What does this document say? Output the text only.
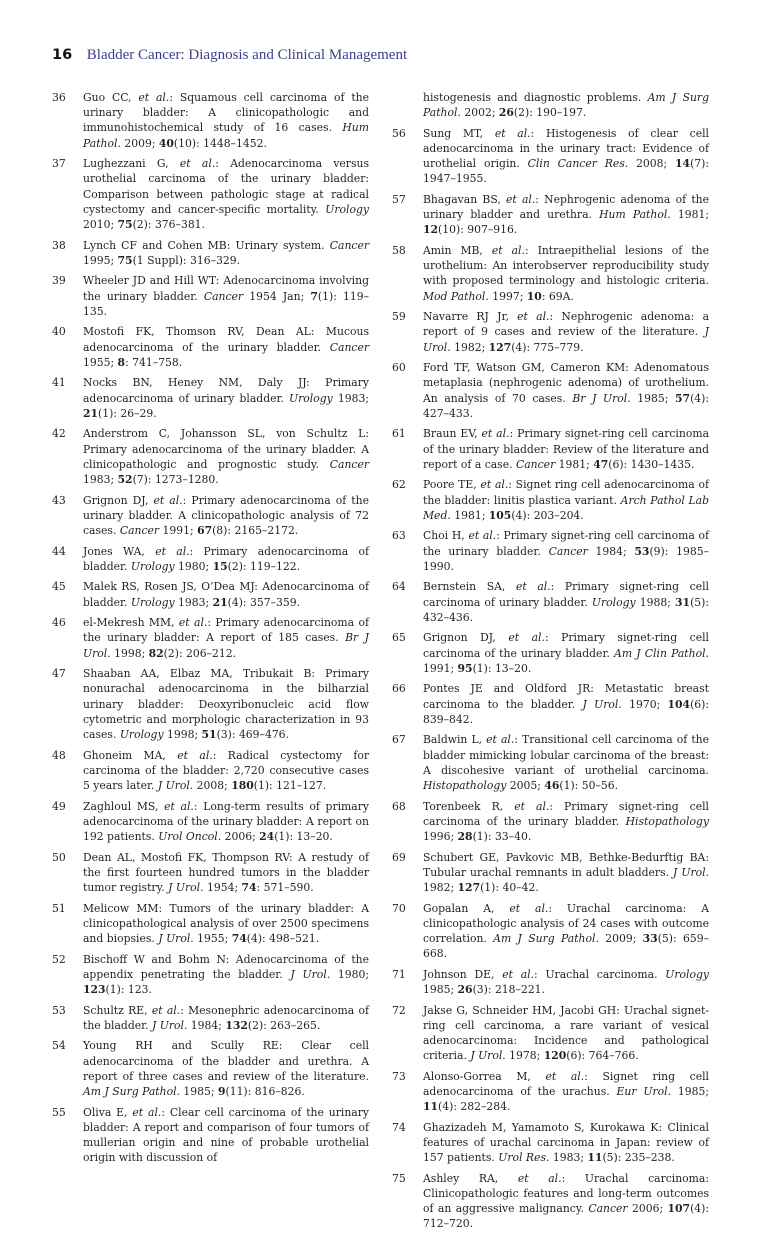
16 Bladder Cancer: Diagnosis and Clinical Management
36 Guo CC, et al.: Squamous cell carcinoma of the urinary bladder: A clinicopathologic and immunohistochemical study of 16 cases. Hum Pathol. 2009; 40(10): 1448–1452.
37 Lughezzani G, et al.: Adenocarcinoma versus urothelial carcinoma of the urinary bladder: Comparison between pathologic stage at radical cystectomy and cancer-specific mortality. Urology 2010; 75(2): 376–381.
38 Lynch CF and Cohen MB: Urinary system. Cancer 1995; 75(1 Suppl): 316–329.
39 Wheeler JD and Hill WT: Adenocarcinoma involving the urinary bladder. Cancer 1954 Jan; 7(1): 119–135.
40 Mostofi FK, Thomson RV, Dean AL: Mucous adenocarcinoma of the urinary bladder. Cancer 1955; 8: 741–758.
41 Nocks BN, Heney NM, Daly JJ: Primary adenocarcinoma of urinary bladder. Urology 1983; 21(1): 26–29.
42 Anderstrom C, Johansson SL, von Schultz L: Primary adenocarcinoma of the urinary bladder. A clinicopathologic and prognostic study. Cancer 1983; 52(7): 1273–1280.
43 Grignon DJ, et al.: Primary adenocarcinoma of the urinary bladder. A clinicopathologic analysis of 72 cases. Cancer 1991; 67(8): 2165–2172.
44 Jones WA, et al.: Primary adenocarcinoma of bladder. Urology 1980; 15(2): 119–122.
45 Malek RS, Rosen JS, O’Dea MJ: Adenocarcinoma of bladder. Urology 1983; 21(4): 357–359.
46 el-Mekresh MM, et al.: Primary adenocarcinoma of the urinary bladder: A report of 185 cases. Br J Urol. 1998; 82(2): 206–212.
47 Shaaban AA, Elbaz MA, Tribukait B: Primary nonurachal adenocarcinoma in the bilharzial urinary bladder: Deoxyribonucleic acid flow cytometric and morphologic characterization in 93 cases. Urology 1998; 51(3): 469–476.
48 Ghoneim MA, et al.: Radical cystectomy for carcinoma of the bladder: 2,720 consecutive cases 5 years later. J Urol. 2008; 180(1): 121–127.
49 Zaghloul MS, et al.: Long-term results of primary adenocarcinoma of the urinary bladder: A report on 192 patients. Urol Oncol. 2006; 24(1): 13–20.
50 Dean AL, Mostofi FK, Thompson RV: A restudy of the first fourteen hundred tumors in the bladder tumor registry. J Urol. 1954; 74: 571–590.
51 Melicow MM: Tumors of the urinary bladder: A clinicopathological analysis of over 2500 specimens and biopsies. J Urol. 1955; 74(4): 498–521.
52 Bischoff W and Bohm N: Adenocarcinoma of the appendix penetrating the bladder. J Urol. 1980; 123(1): 123.
53 Schultz RE, et al.: Mesonephric adenocarcinoma of the bladder. J Urol. 1984; 132(2): 263–265.
54 Young RH and Scully RE: Clear cell adenocarcinoma of the bladder and urethra. A report of three cases and review of the literature. Am J Surg Pathol. 1985; 9(11): 816–826.
55 Oliva E, et al.: Clear cell carcinoma of the urinary bladder: A report and comparison of four tumors of mullerian origin and nine of probable urothelial origin with discussion of
histogenesis and diagnostic problems. Am J Surg Pathol. 2002; 26(2): 190–197.
56 Sung MT, et al.: Histogenesis of clear cell adenocarcinoma in the urinary tract: Evidence of urothelial origin. Clin Cancer Res. 2008; 14(7): 1947–1955.
57 Bhagavan BS, et al.: Nephrogenic adenoma of the urinary bladder and urethra. Hum Pathol. 1981; 12(10): 907–916.
58 Amin MB, et al.: Intraepithelial lesions of the urothelium: An interobserver reproducibility study with proposed terminology and histologic criteria. Mod Pathol. 1997; 10: 69A.
59 Navarre RJ Jr, et al.: Nephrogenic adenoma: a report of 9 cases and review of the literature. J Urol. 1982; 127(4): 775–779.
60 Ford TF, Watson GM, Cameron KM: Adenomatous metaplasia (nephrogenic adenoma) of urothelium. An analysis of 70 cases. Br J Urol. 1985; 57(4): 427–433.
61 Braun EV, et al.: Primary signet-ring cell carcinoma of the urinary bladder: Review of the literature and report of a case. Cancer 1981; 47(6): 1430–1435.
62 Poore TE, et al.: Signet ring cell adenocarcinoma of the bladder: linitis plastica variant. Arch Pathol Lab Med. 1981; 105(4): 203–204.
63 Choi H, et al.: Primary signet-ring cell carcinoma of the urinary bladder. Cancer 1984; 53(9): 1985–1990.
64 Bernstein SA, et al.: Primary signet-ring cell carcinoma of urinary bladder. Urology 1988; 31(5): 432–436.
65 Grignon DJ, et al.: Primary signet-ring cell carcinoma of the urinary bladder. Am J Clin Pathol. 1991; 95(1): 13–20.
66 Pontes JE and Oldford JR: Metastatic breast carcinoma to the bladder. J Urol. 1970; 104(6): 839–842.
67 Baldwin L, et al.: Transitional cell carcinoma of the bladder mimicking lobular carcinoma of the breast: A discohesive variant of urothelial carcinoma. Histopathology 2005; 46(1): 50–56.
68 Torenbeek R, et al.: Primary signet-ring cell carcinoma of the urinary bladder. Histopathology 1996; 28(1): 33–40.
69 Schubert GE, Pavkovic MB, Bethke-Bedurftig BA: Tubular urachal remnants in adult bladders. J Urol. 1982; 127(1): 40–42.
70 Gopalan A, et al.: Urachal carcinoma: A clinicopathologic analysis of 24 cases with outcome correlation. Am J Surg Pathol. 2009; 33(5): 659–668.
71 Johnson DE, et al.: Urachal carcinoma. Urology 1985; 26(3): 218–221.
72 Jakse G, Schneider HM, Jacobi GH: Urachal signet-ring cell carcinoma, a rare variant of vesical adenocarcinoma: Incidence and pathological criteria. J Urol. 1978; 120(6): 764–766.
73 Alonso-Gorrea M, et al.: Signet ring cell adenocarcinoma of the urachus. Eur Urol. 1985; 11(4): 282–284.
74 Ghazizadeh M, Yamamoto S, Kurokawa K: Clinical features of urachal carcinoma in Japan: review of 157 patients. Urol Res. 1983; 11(5): 235–238.
75 Ashley RA, et al.: Urachal carcinoma: Clinicopathologic features and long-term outcomes of an aggressive malignancy. Cancer 2006; 107(4): 712–720.
